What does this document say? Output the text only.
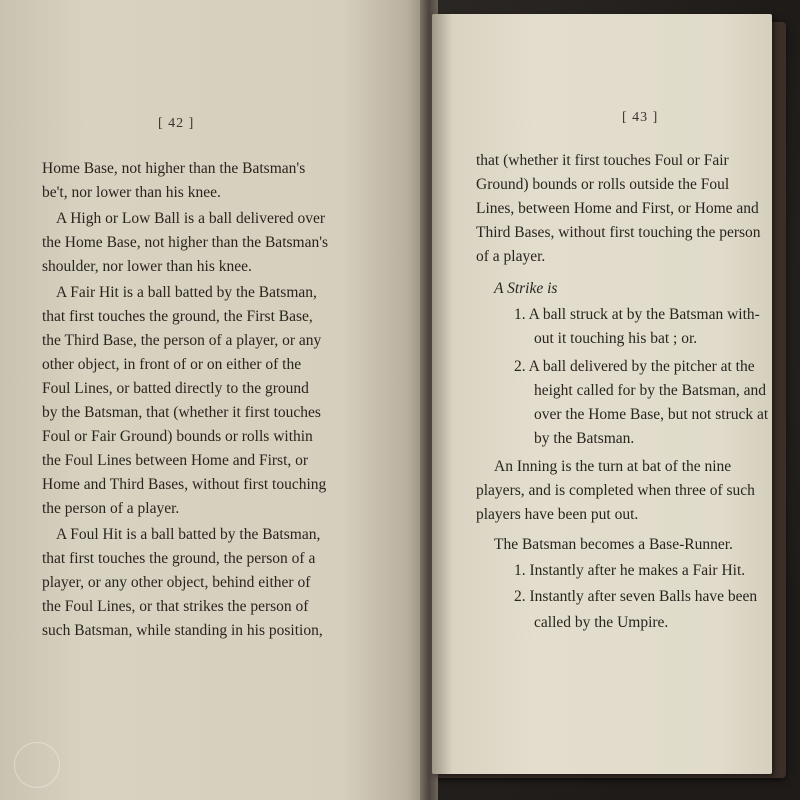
[ 42 ]
Home Base, not higher than the Batsman's
be't, nor lower than his knee.
A High or Low Ball is a ball delivered over
the Home Base, not higher than the Batsman's
shoulder, nor lower than his knee.
A Fair Hit is a ball batted by the Batsman,
that first touches the ground, the First Base,
the Third Base, the person of a player, or any
other object, in front of or on either of the
Foul Lines, or batted directly to the ground
by the Batsman, that (whether it first touches
Foul or Fair Ground) bounds or rolls within
the Foul Lines between Home and First, or
Home and Third Bases, without first touching
the person of a player.
A Foul Hit is a ball batted by the Batsman,
that first touches the ground, the person of a
player, or any other object, behind either of
the Foul Lines, or that strikes the person of
such Batsman, while standing in his position,
[ 43 ]
that (whether it first touches Foul or Fair
Ground) bounds or rolls outside the Foul
Lines, between Home and First, or Home and
Third Bases, without first touching the person
of a player.
A Strike is
1. A ball struck at by the Batsman with-
out it touching his bat ; or.
2. A ball delivered by the pitcher at the
height called for by the Batsman, and
over the Home Base, but not struck at
by the Batsman.
An Inning is the turn at bat of the nine
players, and is completed when three of such
players have been put out.
The Batsman becomes a Base-Runner.
1. Instantly after he makes a Fair Hit.
2. Instantly after seven Balls have been
called by the Umpire.
